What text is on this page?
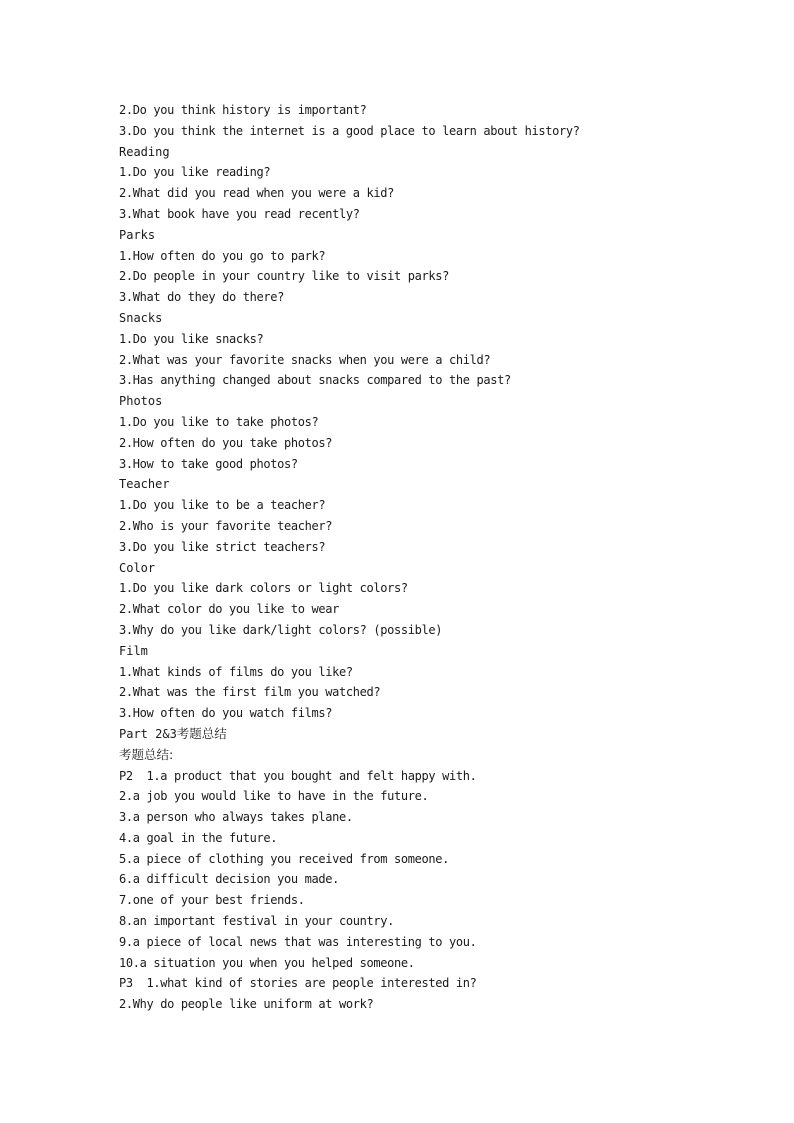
2.Do you think history is important?
3.Do you think the internet is a good place to learn about history?
Reading
1.Do you like reading?
2.What did you read when you were a kid?
3.What book have you read recently?
Parks
1.How often do you go to park?
2.Do people in your country like to visit parks?
3.What do they do there?
Snacks
1.Do you like snacks?
2.What was your favorite snacks when you were a child?
3.Has anything changed about snacks compared to the past?
Photos
1.Do you like to take photos?
2.How often do you take photos?
3.How to take good photos?
Teacher
1.Do you like to be a teacher?
2.Who is your favorite teacher?
3.Do you like strict teachers?
Color
1.Do you like dark colors or light colors?
2.What color do you like to wear
3.Why do you like dark/light colors? (possible)
Film
1.What kinds of films do you like?
2.What was the first film you watched?
3.How often do you watch films?
Part 2&3考题总结
考题总结:
P2  1.a product that you bought and felt happy with.
2.a job you would like to have in the future.
3.a person who always takes plane.
4.a goal in the future.
5.a piece of clothing you received from someone.
6.a difficult decision you made.
7.one of your best friends.
8.an important festival in your country.
9.a piece of local news that was interesting to you.
10.a situation you when you helped someone.
P3  1.what kind of stories are people interested in?
2.Why do people like uniform at work?
